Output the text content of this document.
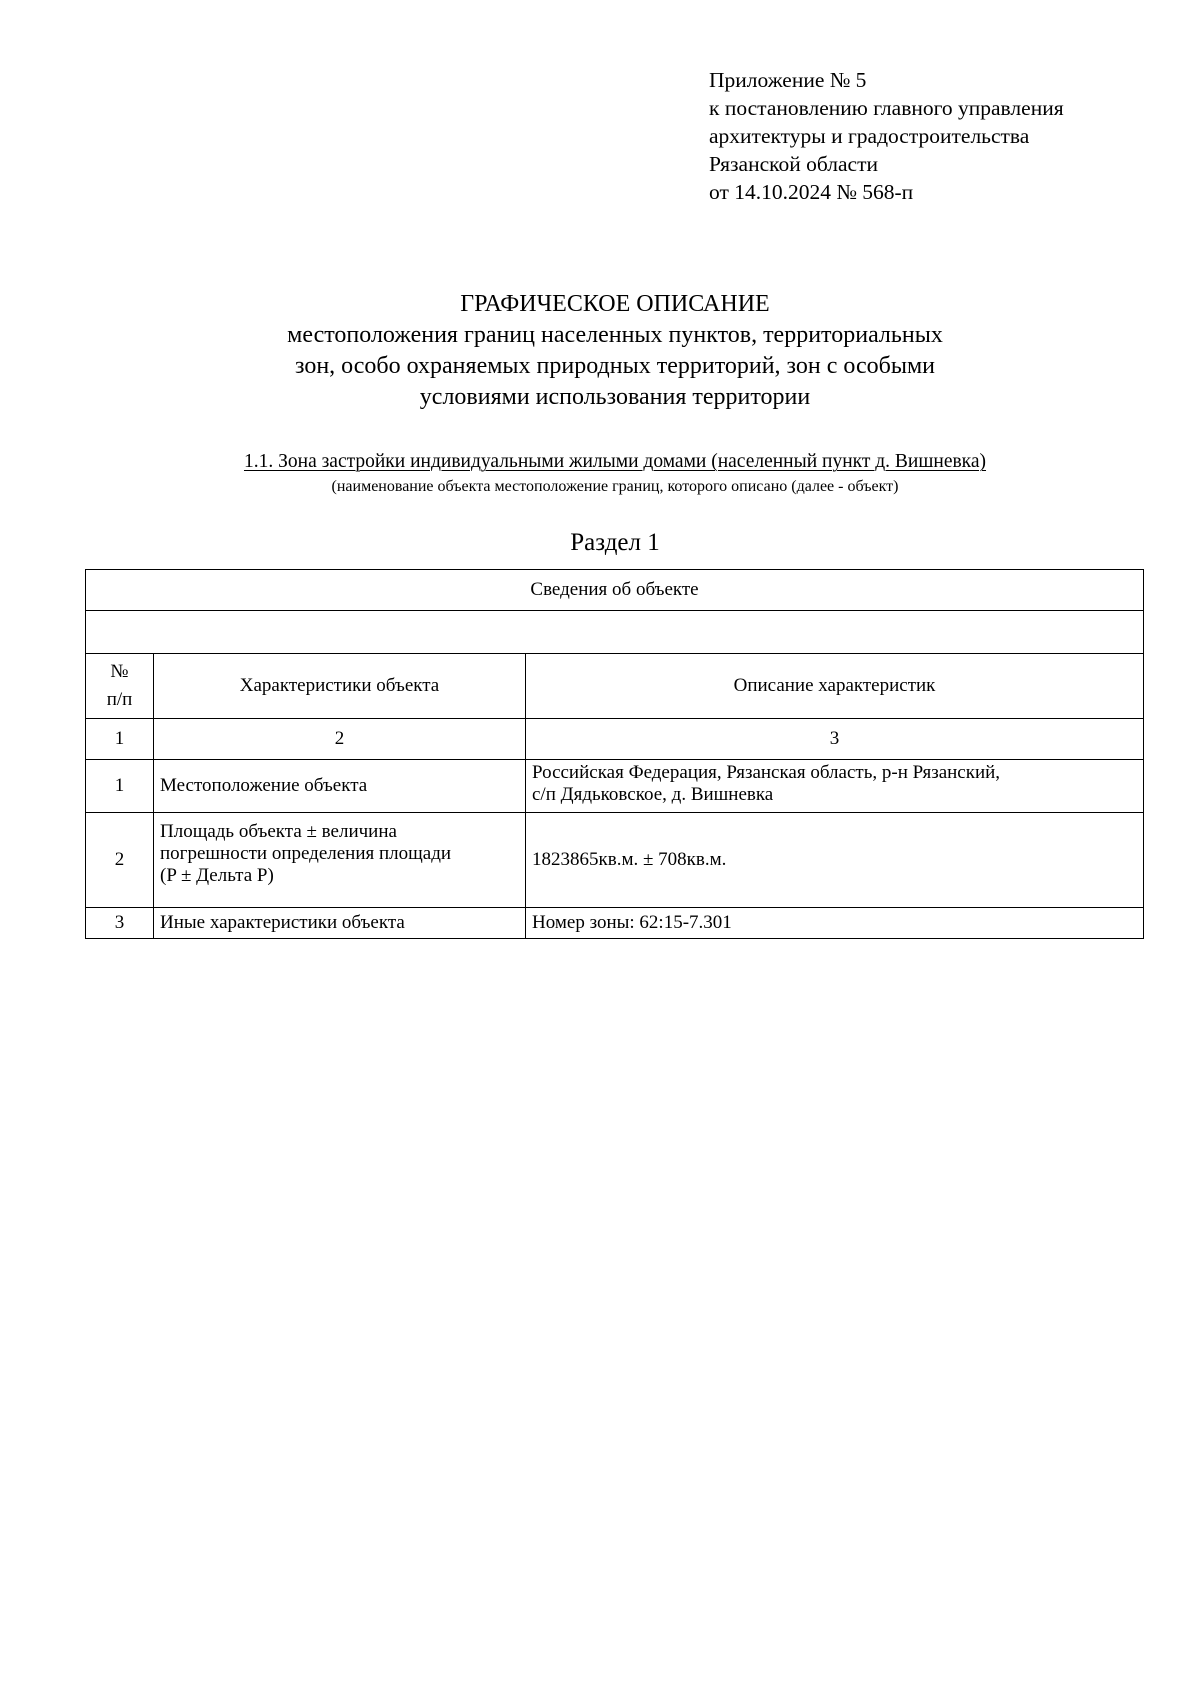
Приложение № 5
к постановлению главного управления
архитектуры и градостроительства
Рязанской области
от 14.10.2024 № 568-п
ГРАФИЧЕСКОЕ ОПИСАНИЕ
местоположения границ населенных пунктов, территориальных
зон, особо охраняемых природных территорий, зон с особыми
условиями использования территории
1.1. Зона застройки индивидуальными жилыми домами (населенный пункт д. Вишневка)
(наименование объекта местоположение границ, которого описано (далее - объект)
Раздел 1
Сведения об объекте		

№
п/п	Характеристики объекта	Описание характеристик
1	2	3
1	Местоположение объекта	Российская Федерация, Рязанская область, р-н Рязанский,
с/п Дядьковское, д. Вишневка

2	Площадь объекта ± величина
погрешности определения площади
(P ± Дельта P)	1823865кв.м. ± 708кв.м.
3	Иные характеристики объекта	Номер зоны: 62:15-7.301
